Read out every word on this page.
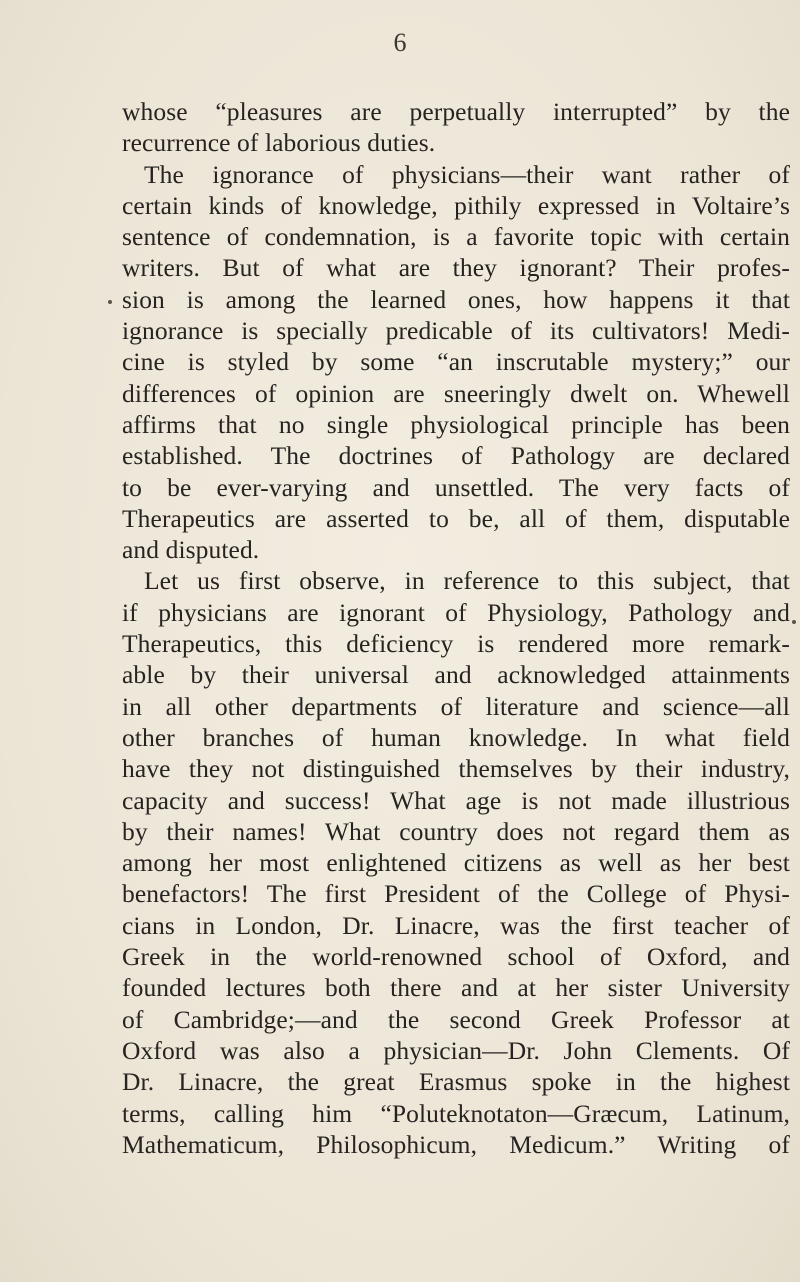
6
whose “pleasures are perpetually interrupted” by the
recurrence of laborious duties.
The ignorance of physicians—their want rather of
certain kinds of knowledge, pithily expressed in Voltaire’s
sentence of condemnation, is a favorite topic with certain
writers. But of what are they ignorant? Their profes-
sion is among the learned ones, how happens it that
ignorance is specially predicable of its cultivators! Medi-
cine is styled by some “an inscrutable mystery;” our
differences of opinion are sneeringly dwelt on. Whewell
affirms that no single physiological principle has been
established. The doctrines of Pathology are declared
to be ever-varying and unsettled. The very facts of
Therapeutics are asserted to be, all of them, disputable
and disputed.
Let us first observe, in reference to this subject, that
if physicians are ignorant of Physiology, Pathology and
Therapeutics, this deficiency is rendered more remark-
able by their universal and acknowledged attainments
in all other departments of literature and science—all
other branches of human knowledge. In what field
have they not distinguished themselves by their industry,
capacity and success! What age is not made illustrious
by their names! What country does not regard them as
among her most enlightened citizens as well as her best
benefactors! The first President of the College of Physi-
cians in London, Dr. Linacre, was the first teacher of
Greek in the world-renowned school of Oxford, and
founded lectures both there and at her sister University
of Cambridge;—and the second Greek Professor at
Oxford was also a physician—Dr. John Clements. Of
Dr. Linacre, the great Erasmus spoke in the highest
terms, calling him “Poluteknotaton—Græcum, Latinum,
Mathematicum, Philosophicum, Medicum.” Writing of
